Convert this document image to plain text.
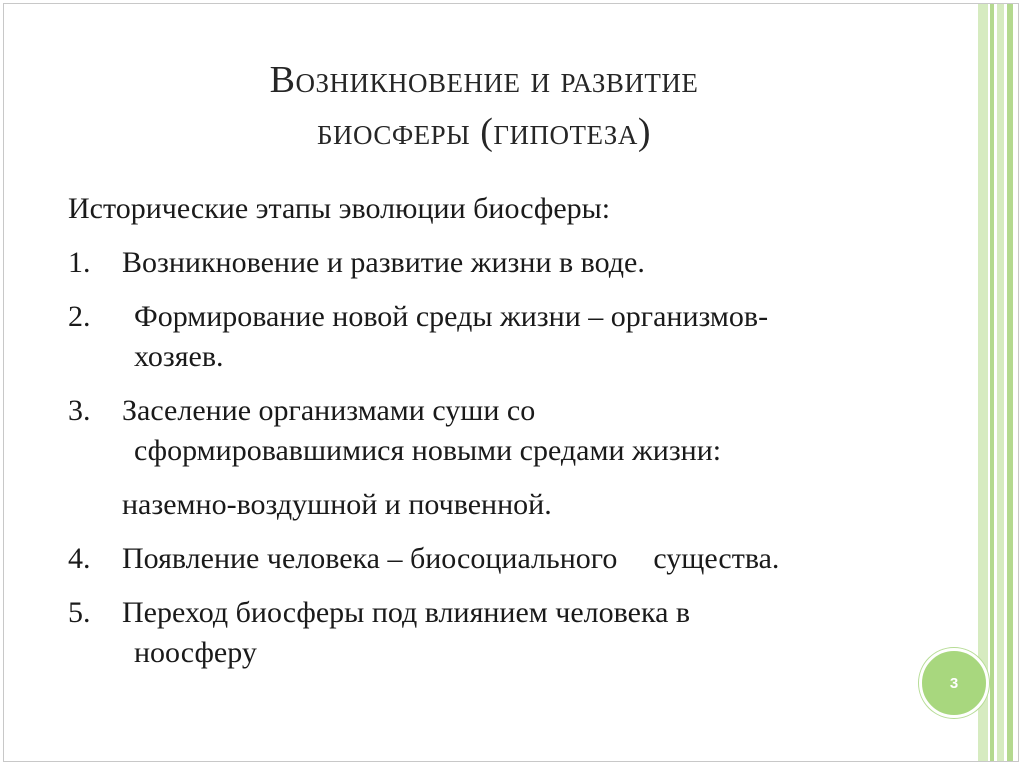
Возникновение и развитие
биосферы (гипотеза)
Исторические этапы эволюции биосферы:
1.	Возникновение и развитие жизни в воде.
2.	Формирование новой среды жизни – организмов-
хозяев.
3.	Заселение организмами суши со
сформировавшимися новыми средами жизни:
наземно-воздушной и почвенной.
4.	Появление человека – биосоциального существа.
5.	Переход биосферы под влиянием человека в
ноосферу
3
